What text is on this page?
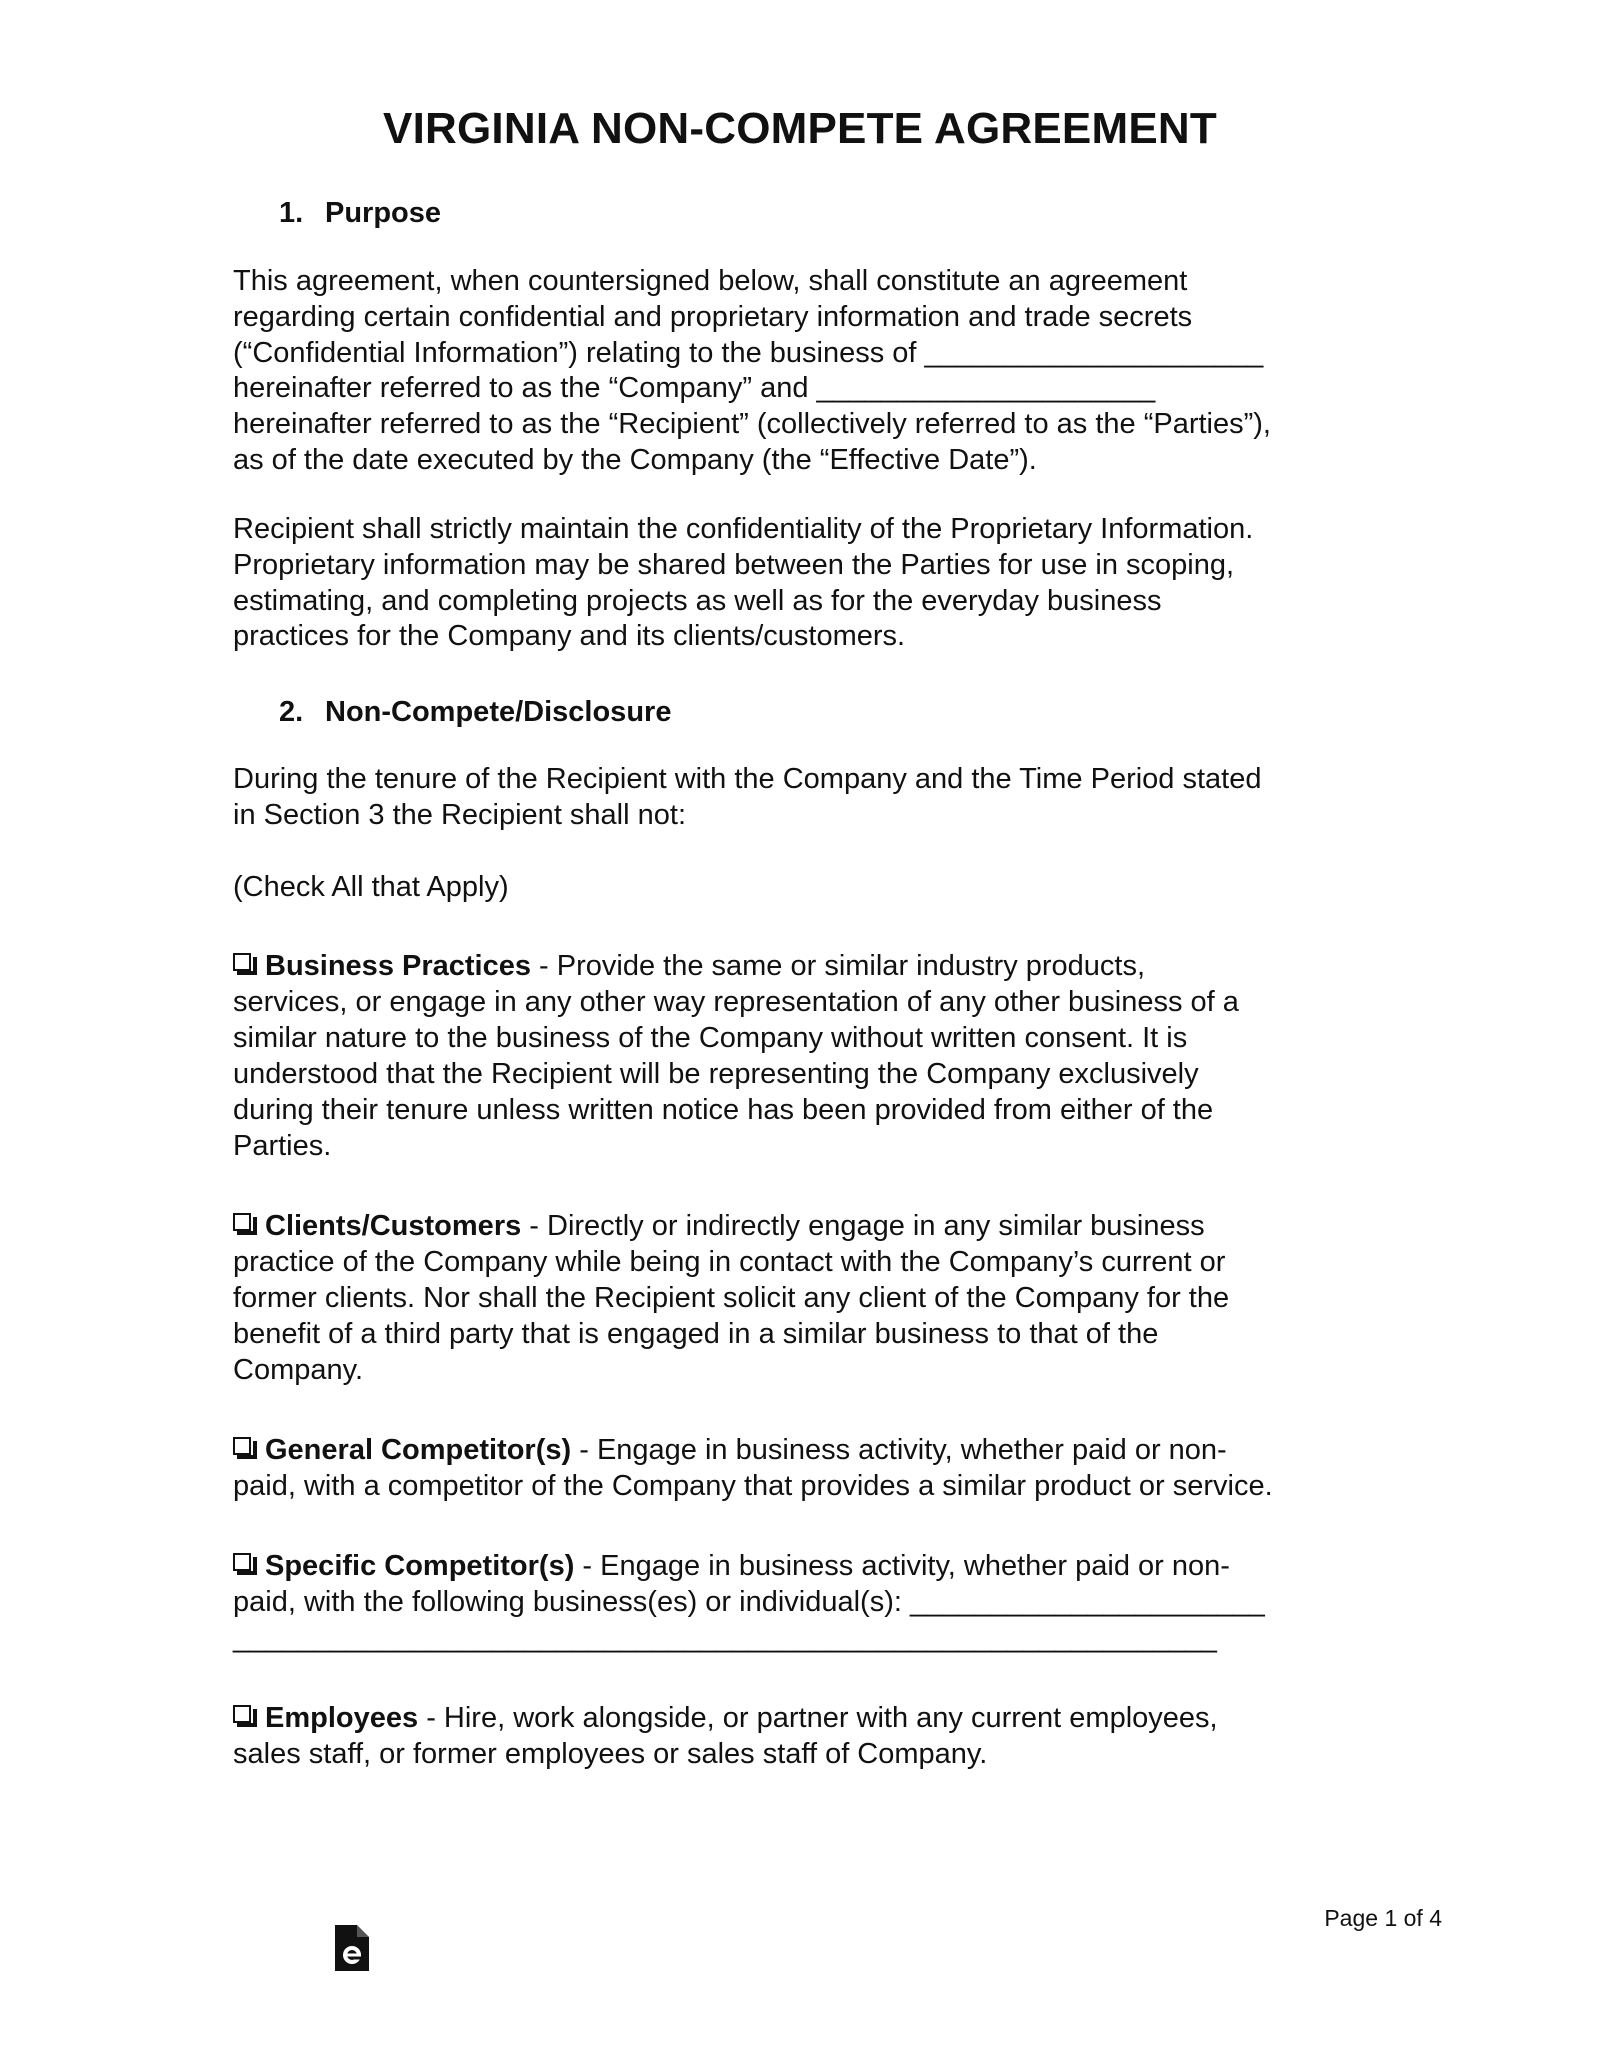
VIRGINIA NON-COMPETE AGREEMENT
1. Purpose
This agreement, when countersigned below, shall constitute an agreement
regarding certain confidential and proprietary information and trade secrets
(“Confidential Information”) relating to the business of _____________________
hereinafter referred to as the “Company” and _____________________
hereinafter referred to as the “Recipient” (collectively referred to as the “Parties”),
as of the date executed by the Company (the “Effective Date”).
Recipient shall strictly maintain the confidentiality of the Proprietary Information.
Proprietary information may be shared between the Parties for use in scoping,
estimating, and completing projects as well as for the everyday business
practices for the Company and its clients/customers.
2. Non-Compete/Disclosure
During the tenure of the Recipient with the Company and the Time Period stated
in Section 3 the Recipient shall not:
(Check All that Apply)
Business Practices - Provide the same or similar industry products,
services, or engage in any other way representation of any other business of a
similar nature to the business of the Company without written consent. It is
understood that the Recipient will be representing the Company exclusively
during their tenure unless written notice has been provided from either of the
Parties.
Clients/Customers - Directly or indirectly engage in any similar business
practice of the Company while being in contact with the Company’s current or
former clients. Nor shall the Recipient solicit any client of the Company for the
benefit of a third party that is engaged in a similar business to that of the
Company.
General Competitor(s) - Engage in business activity, whether paid or non-
paid, with a competitor of the Company that provides a similar product or service.
Specific Competitor(s) - Engage in business activity, whether paid or non-
paid, with the following business(es) or individual(s): ______________________
_____________________________________________________________
Employees - Hire, work alongside, or partner with any current employees,
sales staff, or former employees or sales staff of Company.
Page 1 of 4
